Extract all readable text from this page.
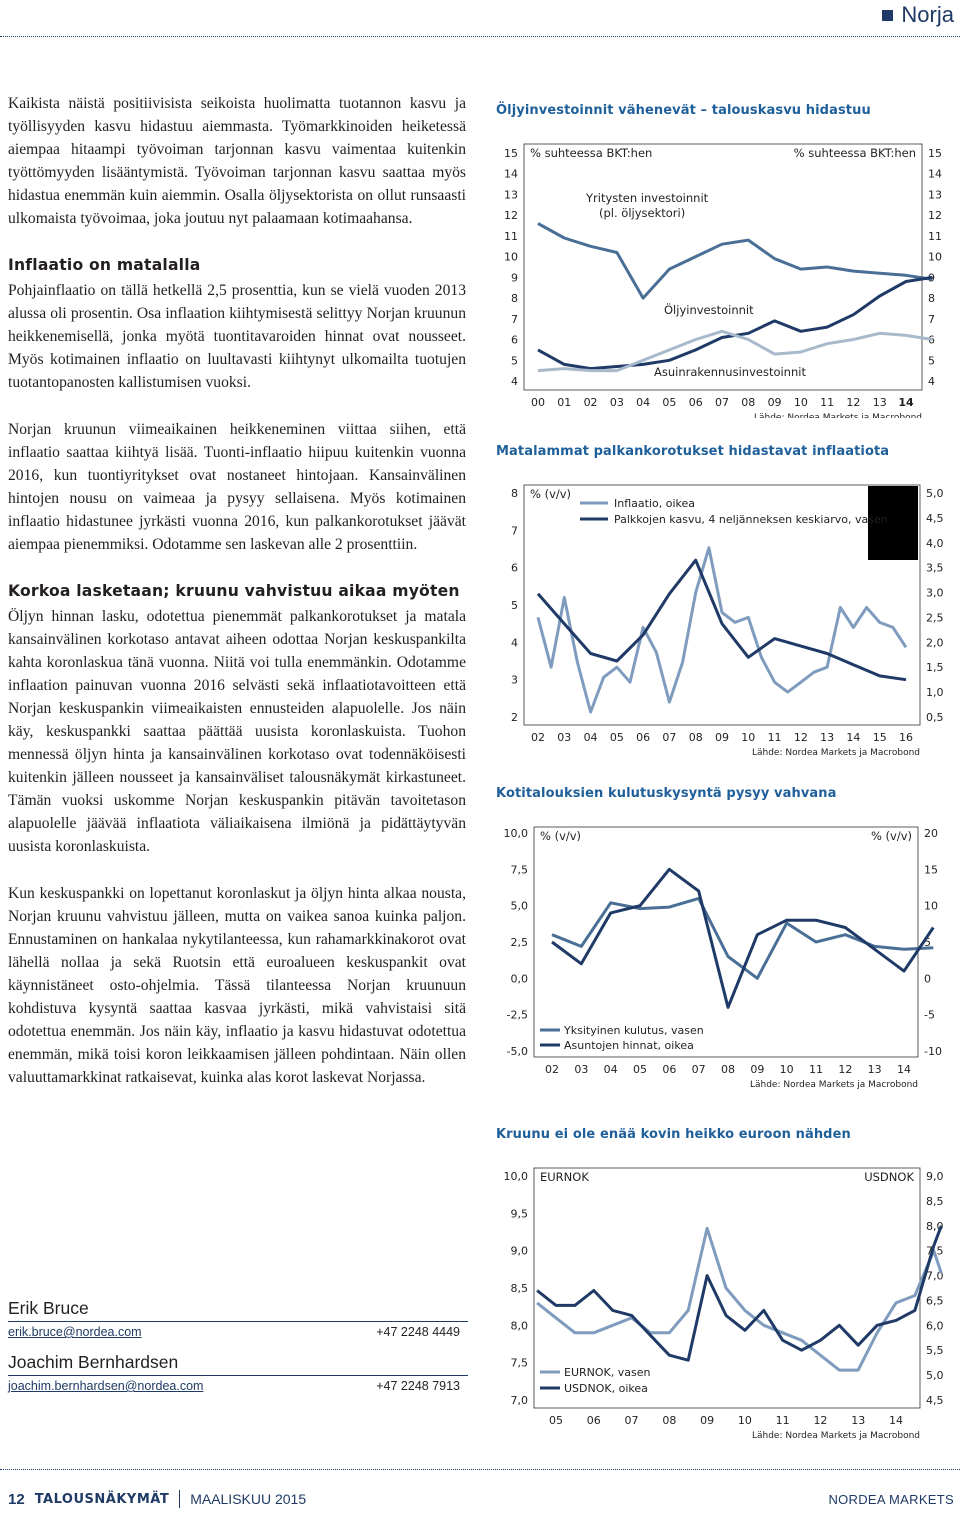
Norja

Kaikista näistä positiivisista seikoista huolimatta tuotannon kasvu ja työllisyyden kasvu hidastuu aiemmasta. Työmarkkinoiden heiketessä aiempaa hitaampi työvoiman tarjonnan kasvu vaimentaa kuitenkin työttömyyden lisääntymistä. Työvoiman tarjonnan kasvu saattaa myös hidastua enemmän kuin aiemmin. Osalla öljysektorista on ollut runsaasti ulkomaista työvoimaa, joka joutuu nyt palaamaan kotimaahansa.

Inflaatio on matalalla

Pohjainflaatio on tällä hetkellä 2,5 prosenttia, kun se vielä vuoden 2013 alussa oli prosentin. Osa inflaation kiihtymisestä selittyy Norjan kruunun heikkenemisellä, jonka myötä tuontitavaroiden hinnat ovat nousseet. Myös kotimainen inflaatio on luultavasti kiihtynyt ulkomailta tuotujen tuotantopanosten kallistumisen vuoksi.

Norjan kruunun viimeaikainen heikkeneminen viittaa siihen, että inflaatio saattaa kiihtyä lisää. Tuonti-inflaatio hiipuu kuitenkin vuonna 2016, kun tuontiyritykset ovat nostaneet hintojaan. Kansainvälinen hintojen nousu on vaimeaa ja pysyy sellaisena. Myös kotimainen inflaatio hidastunee jyrkästi vuonna 2016, kun palkankorotukset jäävät aiempaa pienemmiksi. Odotamme sen laskevan alle 2 prosenttiin.

Korkoa lasketaan; kruunu vahvistuu aikaa myöten

Öljyn hinnan lasku, odotettua pienemmät palkankorotukset ja matala kansainvälinen korkotaso antavat aiheen odottaa Norjan keskuspankilta kahta koronlaskua tänä vuonna. Niitä voi tulla enemmänkin. Odotamme inflaation painuvan vuonna 2016 selvästi sekä inflaatiotavoitteen että Norjan keskuspankin viimeaikaisten ennusteiden alapuolelle. Jos näin käy, keskuspankki saattaa päättää uusista koronlaskuista. Tuohon mennessä öljyn hinta ja kansainvälinen korkotaso ovat todennäköisesti kuitenkin jälleen nousseet ja kansainväliset talousnäkymät kirkastuneet. Tämän vuoksi uskomme Norjan keskuspankin pitävän tavoitetason alapuolelle jäävää inflaatiota väliaikaisena ilmiönä ja pidättäytyvän uusista koronlaskuista.

Kun keskuspankki on lopettanut koronlaskut ja öljyn hinta alkaa nousta, Norjan kruunu vahvistuu jälleen, mutta on vaikea sanoa kuinka paljon. Ennustaminen on hankalaa nykytilanteessa, kun rahamarkkinakorot ovat lähellä nollaa ja sekä Ruotsin että euroalueen keskuspankit ovat käynnistäneet osto-ohjelmia. Tässä tilanteessa Norjan kruunuun kohdistuva kysyntä saattaa kasvaa jyrkästi, mikä vahvistaisi sitä odotettua enemmän. Jos näin käy, inflaatio ja kasvu hidastuvat odotettua enemmän, mikä toisi koron leikkaamisen jälleen pohdintaan. Näin ollen valuuttamarkkinat ratkaisevat, kuinka alas korot laskevat Norjassa.

Erik Bruce
erik.bruce@nordea.com	+47 2248 4449
Joachim Bernhardsen
joachim.bernhardsen@nordea.com	+47 2248 7913
Öljyinvestoinnit vähenevät – talouskasvu hidastuu
15
14
13
12
11
10
9
8
7
6
5
4
15
14
13
12
11
10
9
8
7
6
5
4
00 01 02 03 04 05 06 07 08 09 10 11 12 13 14
% suhteessa BKT:hen	% suhteessa BKT:hen
Lähde: Nordea Markets ja Macrobond
Yritysten investoinnit
(pl. öljysektori)
Öljyinvestoinnit
Asuinrakennusinvestoinnit
Matalammat palkankorotukset hidastavat inflaatiota
8
7
6
5
4
3
2
5,0
4,5
4,0
3,5
3,0
2,5
2,0
1,5
1,0
0,5
02 03 04 05 06 07 08 09 10 11 12 13 14 15 16
% (v/v)
Lähde: Nordea Markets ja Macrobond
Inflaatio, oikea
Palkkojen kasvu, 4 neljänneksen keskiarvo, vasen
Kotitalouksien kulutuskysyntä pysyy vahvana
10,0
7,5
5,0
2,5
0,0
-2,5
-5,0
20
15
10
5
0
-5
-10
02 03 04 05 06 07 08 09 10 11 12 13 14
% (v/v)	% (v/v)
Lähde: Nordea Markets ja Macrobond
Yksityinen kulutus, vasen
Asuntojen hinnat, oikea
Kruunu ei ole enää kovin heikko euroon nähden
10,0
9,5
9,0
8,5
8,0
7,5
7,0
9,0
8,5
8,0
7,5
7,0
6,5
6,0
5,5
5,0
4,5
05 06 07 08 09 10 11 12 13 14
EURNOK	USDNOK
Lähde: Nordea Markets ja Macrobond
EURNOK, vasen
USDNOK, oikea
12 TALOUSNÄKYMÄT MAALISKUU 2015	NORDEA MARKETS
